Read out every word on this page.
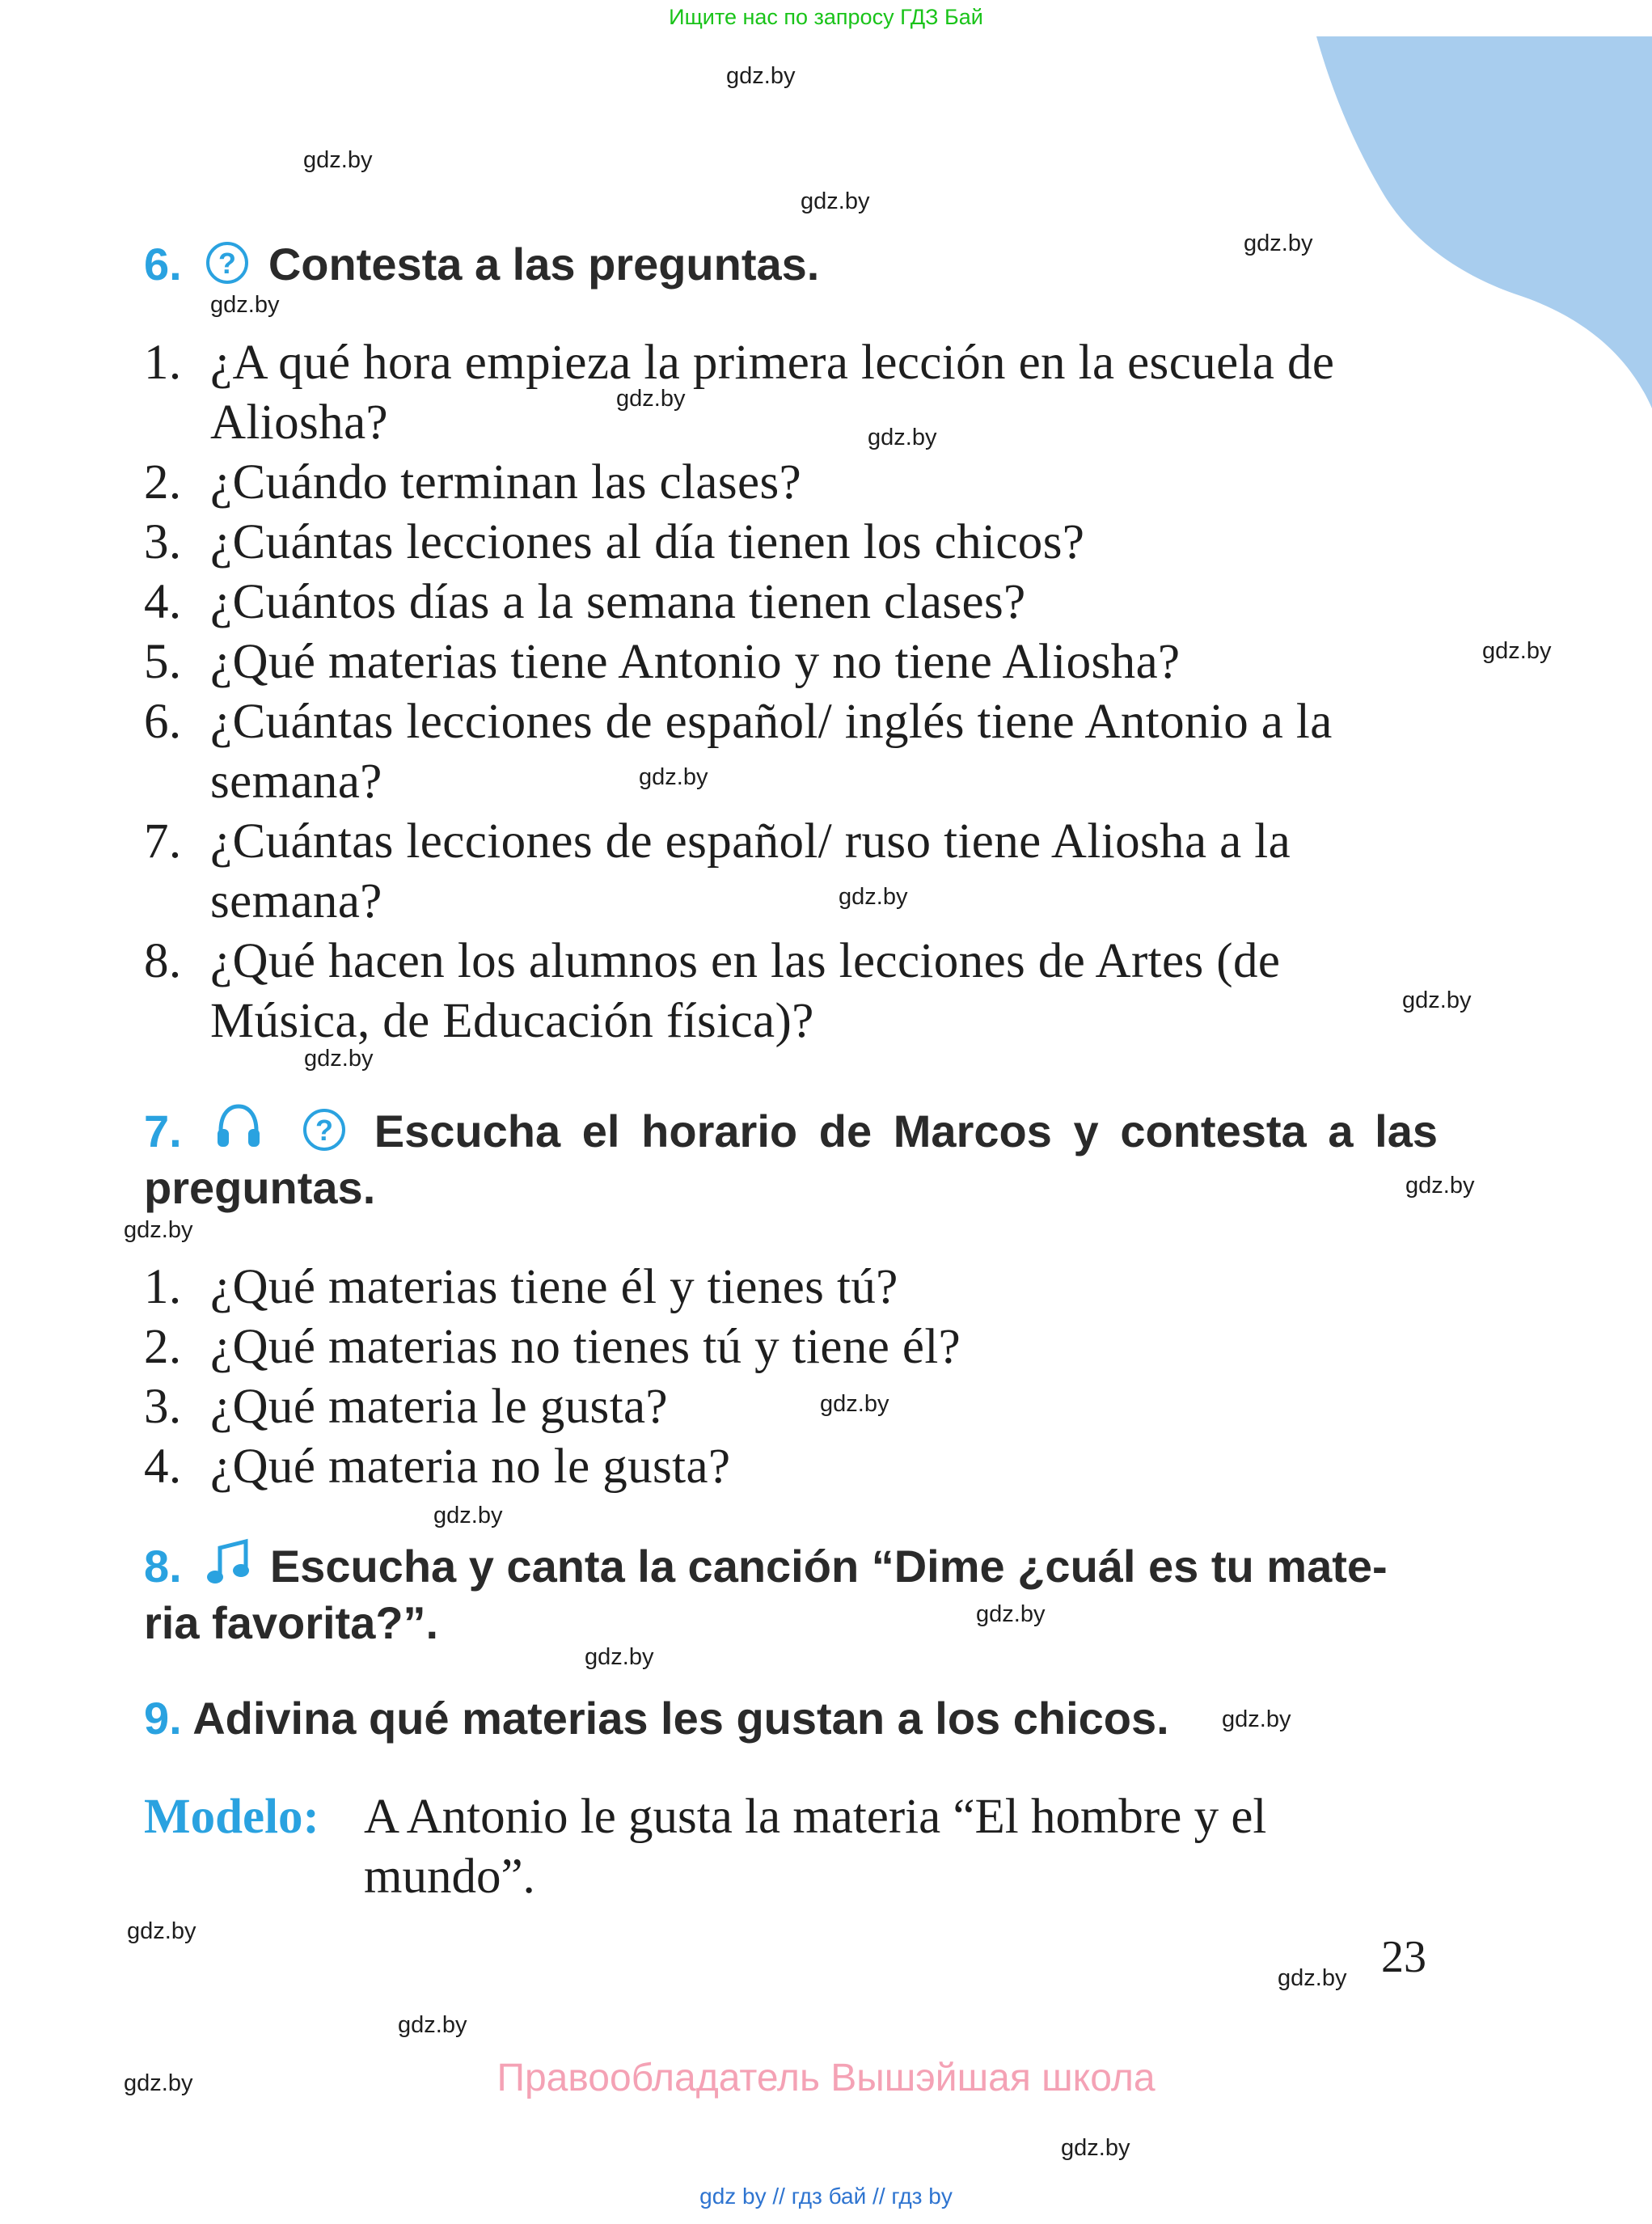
Ищите нас по запросу ГДЗ Бай
gdz.by
gdz.by
gdz.by
gdz.by
gdz.by
gdz.by
gdz.by
gdz.by
gdz.by
gdz.by
gdz.by
gdz.by
gdz.by
gdz.by
gdz.by
gdz.by
gdz.by
gdz.by
gdz.by
gdz.by
gdz.by
gdz.by
gdz.by
gdz.by
6. ? Contesta a las preguntas.
1. ¿A qué hora empieza la primera lección en la escuela de Aliosha?
2. ¿Cuándo terminan las clases?
3. ¿Cuántas lecciones al día tienen los chicos?
4. ¿Cuántos días a la semana tienen clases?
5. ¿Qué materias tiene Antonio y no tiene Aliosha?
6. ¿Cuántas lecciones de español/ inglés tiene Antonio a la semana?
7. ¿Cuántas lecciones de español/ ruso tiene Aliosha a la semana?
8. ¿Qué hacen los alumnos en las lecciones de Artes (de Música, de Educación física)?
7.	? Escucha el horario de Marcos y contesta a las preguntas.
1. ¿Qué materias tiene él y tienes tú?
2. ¿Qué materias no tienes tú y tiene él?
3. ¿Qué materia le gusta?
4. ¿Qué materia no le gusta?
8. Escucha y canta la canción “Dime ¿cuál es tu mate-ria favorita?”.
9. Adivina qué materias les gustan a los chicos.
Modelo: A Antonio le gusta la materia “El hombre y el mundo”.
23
Правообладатель Вышэйшая школа
gdz by // гдз бай // гдз by
